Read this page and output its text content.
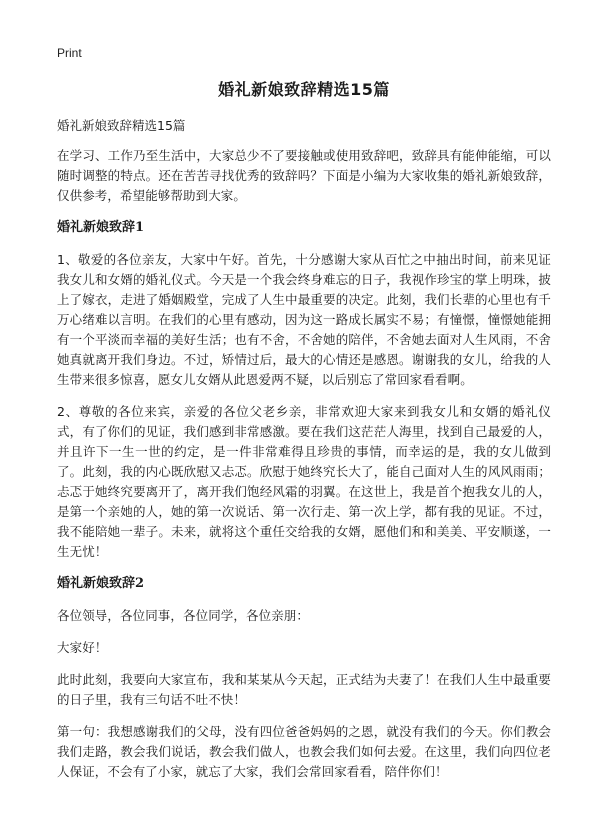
Print
婚礼新娘致辞精选15篇
婚礼新娘致辞精选15篇

在学习、工作乃至生活中，大家总少不了要接触或使用致辞吧，致辞具有能伸能缩，可以随时调整的特点。还在苦苦寻找优秀的致辞吗？下面是小编为大家收集的婚礼新娘致辞，仅供参考，希望能够帮助到大家。

婚礼新娘致辞1

1、敬爱的各位亲友，大家中午好。首先，十分感谢大家从百忙之中抽出时间，前来见证我女儿和女婿的婚礼仪式。今天是一个我会终身难忘的日子，我视作珍宝的掌上明珠，披上了嫁衣，走进了婚姻殿堂，完成了人生中最重要的决定。此刻，我们长辈的心里也有千万心绪难以言明。在我们的心里有感动，因为这一路成长属实不易；有憧憬，憧憬她能拥有一个平淡而幸福的美好生活；也有不舍，不舍她的陪伴，不舍她去面对人生风雨，不舍她真就离开我们身边。不过，矫情过后，最大的心情还是感恩。谢谢我的女儿，给我的人生带来很多惊喜，愿女儿女婿从此恩爱两不疑，以后别忘了常回家看看啊。

2、尊敬的各位来宾，亲爱的各位父老乡亲，非常欢迎大家来到我女儿和女婿的婚礼仪式，有了你们的见证，我们感到非常感激。要在我们这茫茫人海里，找到自己最爱的人，并且许下一生一世的约定，是一件非常难得且珍贵的事情，而幸运的是，我的女儿做到了。此刻，我的内心既欣慰又忐忑。欣慰于她终究长大了，能自己面对人生的风风雨雨；忐忑于她终究要离开了，离开我们饱经风霜的羽翼。在这世上，我是首个抱我女儿的人，是第一个亲她的人，她的第一次说话、第一次行走、第一次上学，都有我的见证。不过，我不能陪她一辈子。未来，就将这个重任交给我的女婿，愿他们和和美美、平安顺遂，一生无忧！

婚礼新娘致辞2

各位领导，各位同事，各位同学，各位亲朋：

大家好！

此时此刻，我要向大家宣布，我和某某从今天起，正式结为夫妻了！在我们人生中最重要的日子里，我有三句话不吐不快！

第一句：我想感谢我们的父母，没有四位爸爸妈妈的之恩，就没有我们的今天。你们教会我们走路，教会我们说话，教会我们做人，也教会我们如何去爱。在这里，我们向四位老人保证，不会有了小家，就忘了大家，我们会常回家看看，陪伴你们！
